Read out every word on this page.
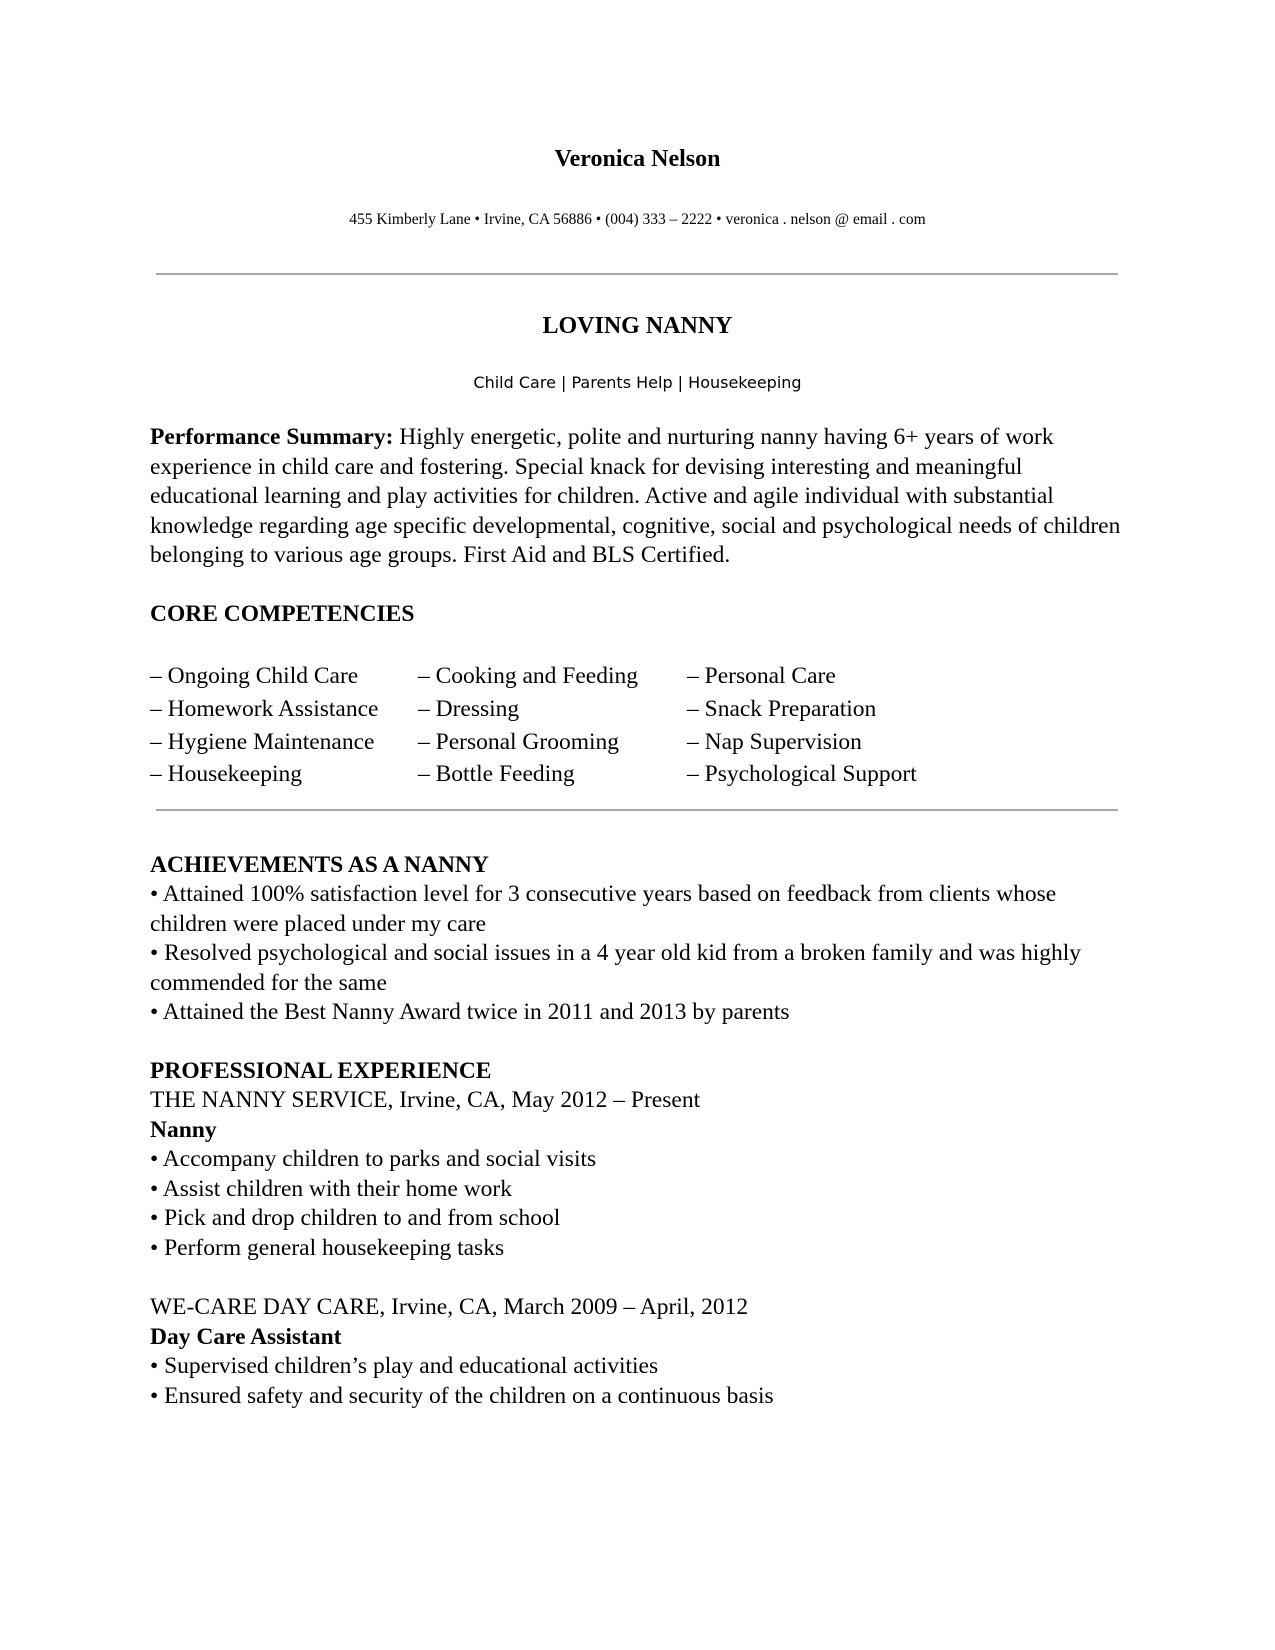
Veronica Nelson
455 Kimberly Lane • Irvine, CA 56886 • (004) 333 – 2222 • veronica . nelson @ email . com
LOVING NANNY
Child Care | Parents Help | Housekeeping
Performance Summary: Highly energetic, polite and nurturing nanny having 6+ years of work experience in child care and fostering. Special knack for devising interesting and meaningful educational learning and play activities for children. Active and agile individual with substantial knowledge regarding age specific developmental, cognitive, social and psychological needs of children belonging to various age groups. First Aid and BLS Certified.
CORE COMPETENCIES
– Ongoing Child Care
– Homework Assistance
– Hygiene Maintenance
– Housekeeping
– Cooking and Feeding
– Dressing
– Personal Grooming
– Bottle Feeding
– Personal Care
– Snack Preparation
– Nap Supervision
– Psychological Support
ACHIEVEMENTS AS A NANNY
• Attained 100% satisfaction level for 3 consecutive years based on feedback from clients whose children were placed under my care
• Resolved psychological and social issues in a 4 year old kid from a broken family and was highly commended for the same
• Attained the Best Nanny Award twice in 2011 and 2013 by parents
PROFESSIONAL EXPERIENCE
THE NANNY SERVICE, Irvine, CA, May 2012 – Present
Nanny
• Accompany children to parks and social visits
• Assist children with their home work
• Pick and drop children to and from school
• Perform general housekeeping tasks
WE-CARE DAY CARE, Irvine, CA, March 2009 – April, 2012
Day Care Assistant
• Supervised children’s play and educational activities
• Ensured safety and security of the children on a continuous basis
